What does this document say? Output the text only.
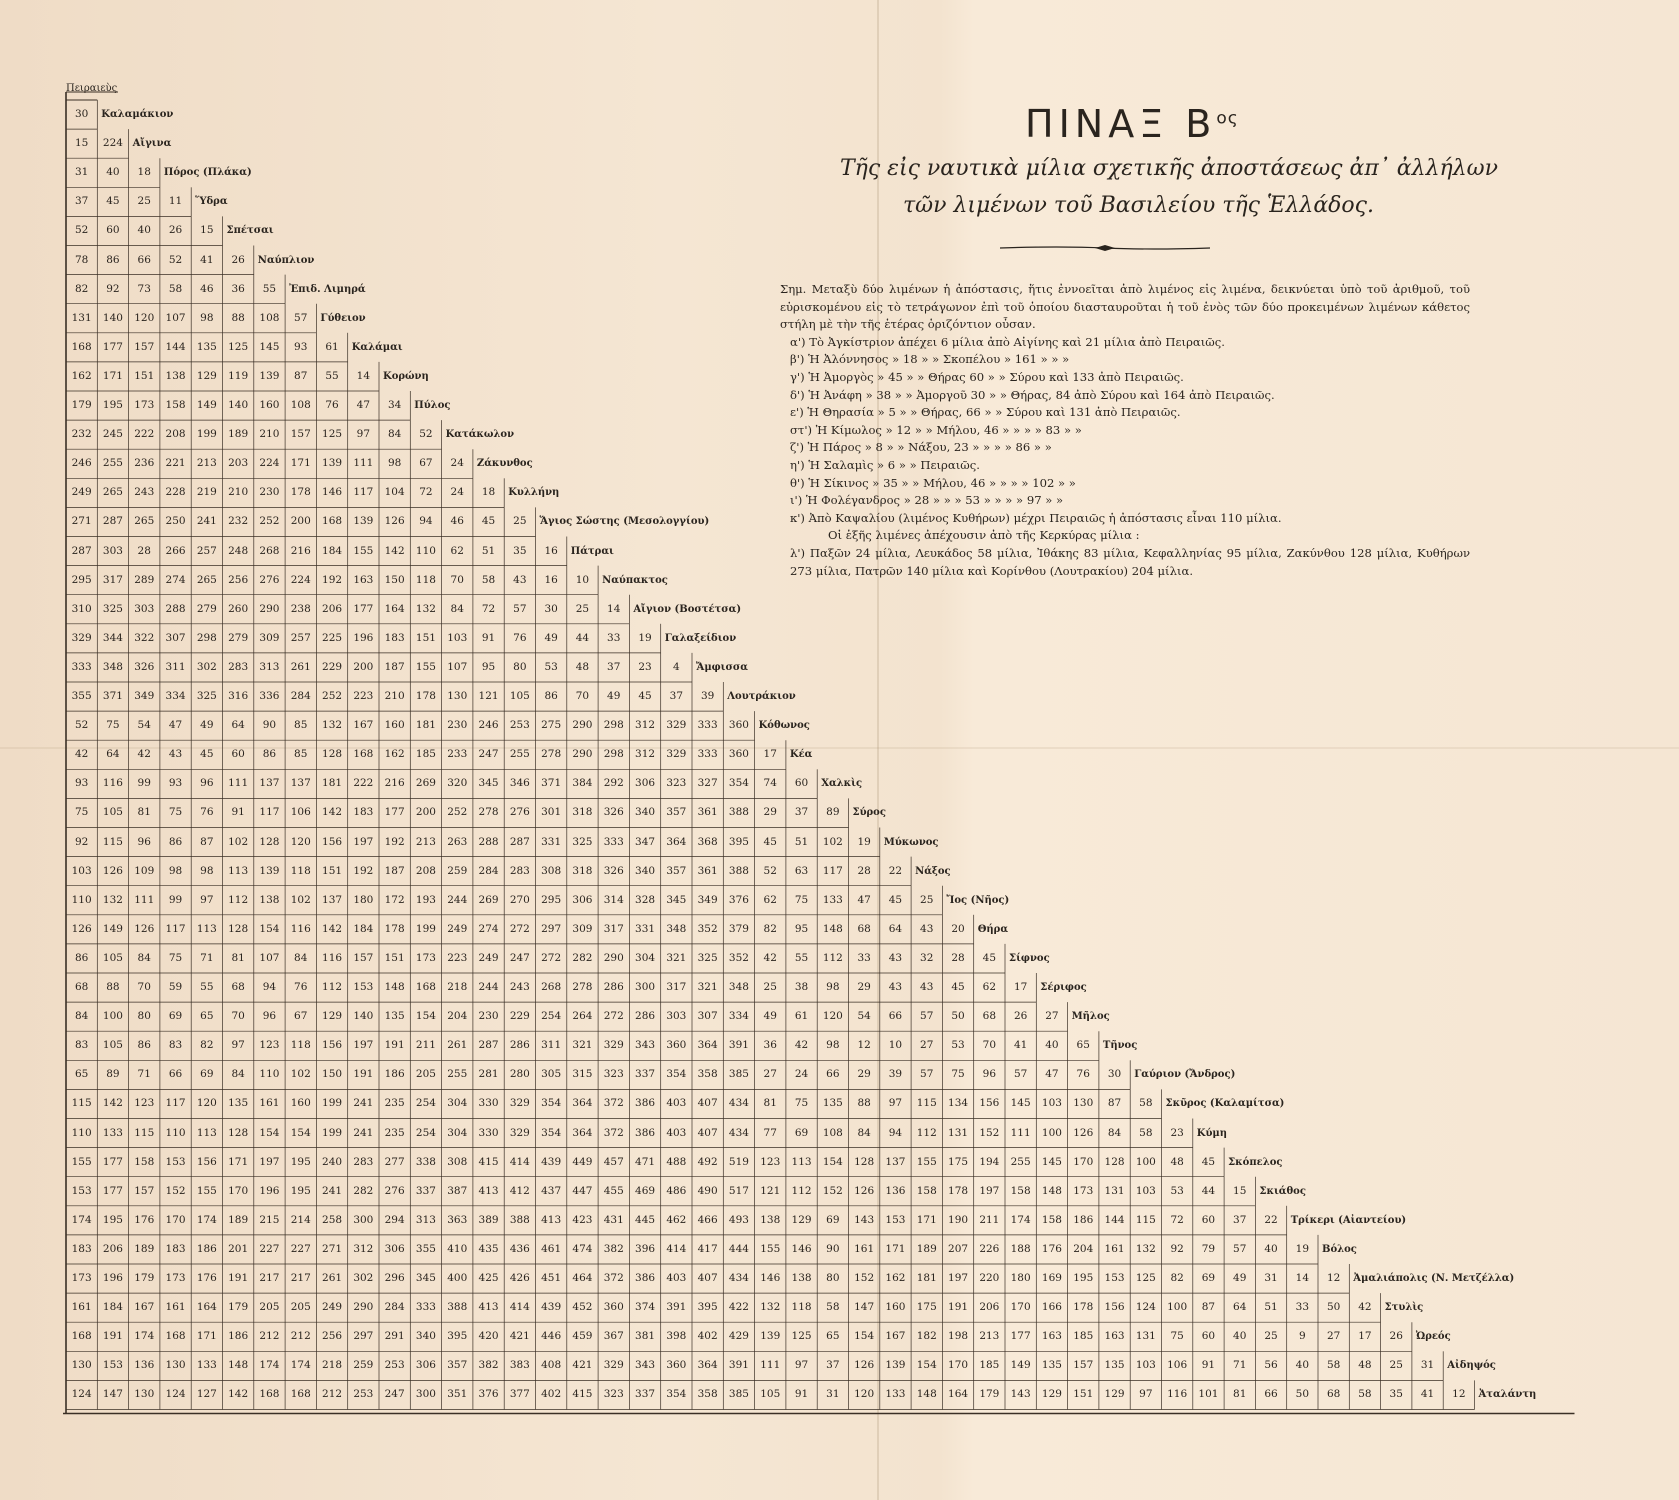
ΠΙΝΑΞ $B^{o\varsigma}$
Τῆς εἰς ναυτικὰ μίλια σχετικῆς ἀποστάσεως ἀπ᾽ ἀλλήλων
τῶν λιμένων τοῦ Βασιλείου τῆς Ἑλλάδος.
Σημ. Μεταξὺ δύο λιμένων ἡ ἀπόστασις, ἥτις ἐννοεῖται ἀπὸ λιμένος εἰς λιμένα, δεικνύεται ὑπὸ τοῦ ἀριθμοῦ, τοῦ εὑρισκομένου εἰς τὸ τετράγωνον ἐπὶ τοῦ ὁποίου διασταυροῦται ἡ τοῦ ἑνὸς τῶν δύο προκειμένων λιμένων κάθετος στήλη μὲ τὴν τῆς ἑτέρας ὁριζόντιον οὖσαν.
α') Τὸ Ἀγκίστριον ἀπέχει 6 μίλια ἀπὸ Αἰγίνης καὶ 21 μίλια ἀπὸ Πειραιῶς.
β') Ἡ Ἀλόννησος » 18 » » Σκοπέλου » 161 » » »
γ') Ἡ Ἀμοργὸς » 45 » » Θήρας 60 » » Σύρου καὶ 133 ἀπὸ Πειραιῶς.
δ') Ἡ Ἀνάφη » 38 » » Ἀμοργοῦ 30 » » Θήρας, 84 ἀπὸ Σύρου καὶ 164 ἀπὸ Πειραιῶς.
ε') Ἡ Θηρασία » 5 » » Θήρας, 66 » » Σύρου καὶ 131 ἀπὸ Πειραιῶς.
στ') Ἡ Κίμωλος » 12 » » Μήλου, 46 » » » » 83 » »
ζ') Ἡ Πάρος » 8 » » Νάξου, 23 » » » » 86 » »
η') Ἡ Σαλαμὶς » 6 » » Πειραιῶς.
θ') Ἡ Σίκινος » 35 » » Μήλου, 46 » » » » 102 » »
ι') Ἡ Φολέγανδρος » 28 » » » 53 » » » » 97 » »
κ') Ἀπὸ Καψαλίου (λιμένος Κυθήρων) μέχρι Πειραιῶς ἡ ἀπόστασις εἶναι 110 μίλια.
Οἱ ἑξῆς λιμένες ἀπέχουσιν ἀπὸ τῆς Κερκύρας μίλια :
λ') Παξῶν 24 μίλια, Λευκάδος 58 μίλια, Ἰθάκης 83 μίλια, Κεφαλληνίας 95 μίλια, Ζακύνθου 128 μίλια, Κυθήρων 273 μίλια, Πατρῶν 140 μίλια καὶ Κορίνθου (Λουτρακίου) 204 μίλια.
Πειραιεὺς
30	Καλαμάκιον
15	224 Αἴγινα
31	40	18	Πόρος (Πλάκα)
37	45	25	11	Ὕδρα
52	60	40	26	15	Σπέτσαι
78	86	66	52	41	26	Ναύπλιον
82	92	73	58	46	36	55	Ἐπιδ. Λιμηρά
131	140	120	107	98	88	108	57	Γύθειον
168	177	157	144	135	125	145	93	61	Καλάμαι
162	171	151	138	129	119	139	87	55	14	Κορώνη
179	195	173	158	149	140	160	108	76	47	34	Πύλος
232	245	222	208	199	189	210	157	125	97	84	52	Κατάκωλον
246	255	236	221	213	203	224	171	139	111	98	67	24	Ζάκυνθος
249	265	243	228	219	210	230	178	146	117	104	72	24	18	Κυλλήνη
271	287	265	250	241	232	252	200	168	139	126	94	46	45	25	Ἅγιος Σώστης (Μεσολογγίου)
287	303	28	266	257	248	268	216	184	155	142	110	62	51	35	16	Πάτραι
295	317	289	274	265	256	276	224	192	163	150	118	70	58	43	16	10	Ναύπακτος
310	325	303	288	279	260	290	238	206	177	164	132	84	72	57	30	25	14	Αἴγιον (Βοστέτσα)
329	344	322	307	298	279	309	257	225	196	183	151	103	91	76	49	44	33	19	Γαλαξείδιον
333	348	326	311	302	283	313	261	229	200	187	155	107	95	80	53	48	37	23	4	Ἄμφισσα
355	371	349	334	325	316	336	284	252	223	210	178	130	121	105	86	70	49	45	37	39	Λουτράκιον
52	75	54	47	49	64	90	85	132	167	160	181	230	246	253	275	290	298	312	329	333	360 Κόθωνος
42	64	42	43	45	60	86	85	128	168	162	185	233	247	255	278	290	298	312	329	333	360	17	Κέα
93	116	99	93	96	111	137	137	181	222	216	269	320	345	346	371	384	292	306	323	327	354	74	60	Χαλκὶς
75	105	81	75	76	91	117	106	142	183	177	200	252	278	276	301	318	326	340	357	361	388	29	37	89	Σύρος
92	115	96	86	87	102	128	120	156	197	192	213	263	288	287	331	325	333	347	364	368	395	45	51	102	19	Μύκωνος
103	126	109	98	98	113	139	118	151	192	187	208	259	284	283	308	318	326	340	357	361	388	52	63	117	28	22	Νάξος
110	132	111	99	97	112	138	102	137	180	172	193	244	269	270	295	306	314	328	345	349	376	62	75	133	47	45	25	Ἴος (Νῆος)
126	149	126	117	113	128	154	116	142	184	178	199	249	274	272	297	309	317	331	348	352	379	82	95	148	68	64	43	20	Θήρα
86	105	84	75	71	81	107	84	116	157	151	173	223	249	247	272	282	290	304	321	325	352	42	55	112	33	43	32	28	45	Σίφνος
68	88	70	59	55	68	94	76	112	153	148	168	218	244	243	268	278	286	300	317	321	348	25	38	98	29	43	43	45	62	17	Σέριφος
84	100	80	69	65	70	96	67	129	140	135	154	204	230	229	254	264	272	286	303	307	334	49	61	120	54	66	57	50	68	26	27	Μῆλος
83	105	86	83	82	97	123	118	156	197	191	211	261	287	286	311	321	329	343	360	364	391	36	42	98	12	10	27	53	70	41	40	65	Τῆνος
65	89	71	66	69	84	110	102	150	191	186	205	255	281	280	305	315	323	337	354	358	385	27	24	66	29	39	57	75	96	57	47	76	30	Γαύριον (Ἄνδρος)
115	142	123	117	120	135	161	160	199	241	235	254	304	330	329	354	364	372	386	403	407	434	81	75	135	88	97	115	134	156	145	103	130	87	58	Σκῦρος (Καλαμίτσα)
110	133	115	110	113	128	154	154	199	241	235	254	304	330	329	354	364	372	386	403	407	434	77	69	108	84	94	112	131	152	111	100	126	84	58	23	Κύμη
155	177	158	153	156	171	197	195	240	283	277	338	308	415	414	439	449	457	471	488	492	519	123	113	154	128	137	155	175	194	255	145	170	128	100	48	45	Σκόπελος
153	177	157	152	155	170	196	195	241	282	276	337	387	413	412	437	447	455	469	486	490	517	121	112	152	126	136	158	178	197	158	148	173	131	103	53	44	15	Σκιάθος
174	195	176	170	174	189	215	214	258	300	294	313	363	389	388	413	423	431	445	462	466	493	138	129	69	143	153	171	190	211	174	158	186	144	115	72	60	37	22	Τρίκερι (Αἰαντείου)
183	206	189	183	186	201	227	227	271	312	306	355	410	435	436	461	474	382	396	414	417	444	155	146	90	161	171	189	207	226	188	176	204	161	132	92	79	57	40	19	Βόλος
173	196	179	173	176	191	217	217	261	302	296	345	400	425	426	451	464	372	386	403	407	434	146	138	80	152	162	181	197	220	180	169	195	153	125	82	69	49	31	14	12	Ἀμαλιάπολις (Ν. Μετζέλλα)
161	184	167	161	164	179	205	205	249	290	284	333	388	413	414	439	452	360	374	391	395	422	132	118	58	147	160	175	191	206	170	166	178	156	124	100	87	64	51	33	50	42	Στυλὶς
168	191	174	168	171	186	212	212	256	297	291	340	395	420	421	446	459	367	381	398	402	429	139	125	65	154	167	182	198	213	177	163	185	163	131	75	60	40	25	9	27	17	26	Ὠρεός
130	153	136	130	133	148	174	174	218	259	253	306	357	382	383	408	421	329	343	360	364	391	111	97	37	126	139	154	170	185	149	135	157	135	103	106	91	71	56	40	58	48	25	31	Αἰδηψός
124	147	130	124	127	142	168	168	212	253	247	300	351	376	377	402	415	323	337	354	358	385	105	91	31	120	133	148	164	179	143	129	151	129	97	116	101	81	66	50	68	58	35	41	12	Ἀταλάντη
